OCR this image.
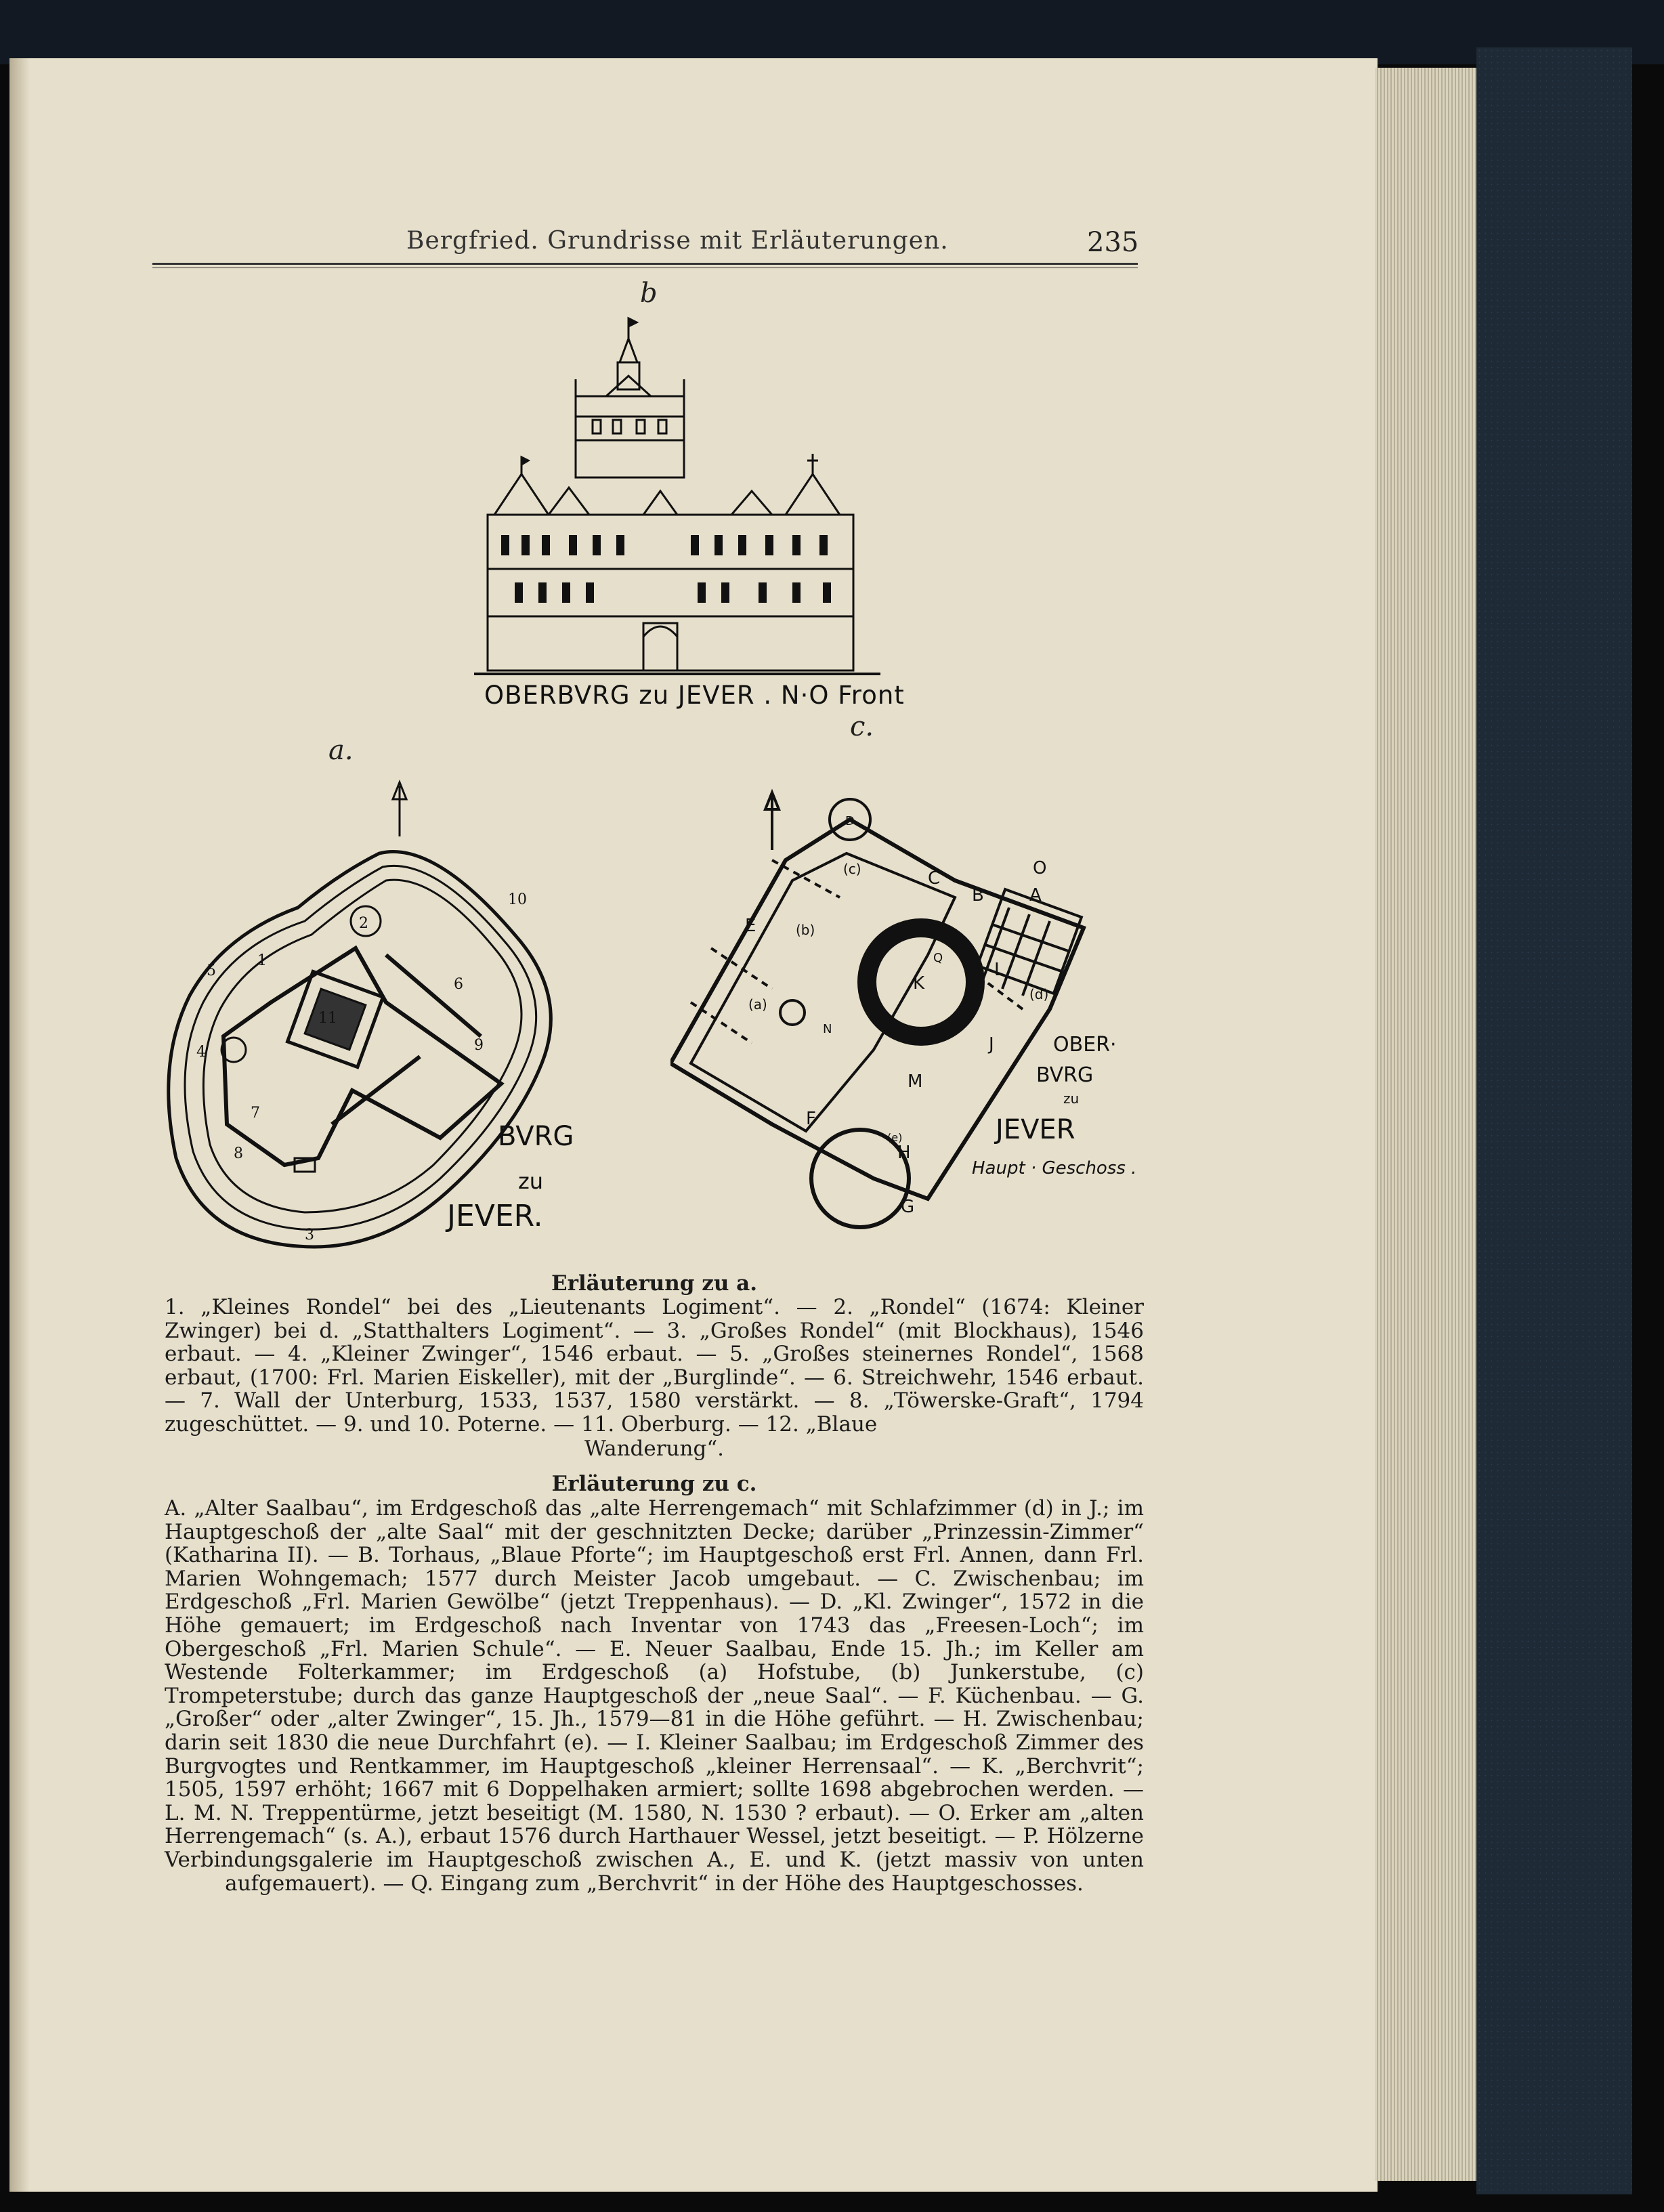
Bergfried. Grundrisse mit Erläuterungen.	235
b
OBERBVRG zu JEVER . N·O Front
a.
c.
1
2
3
4
5
6
7
8
9
10
11
BVRG
zu
JEVER.
A
B
C
D
E
F
G
H
J
K
L
M
N
O
Q
(a)
(b)
(c)
(d)
(e)
OBER·
BVRG
zu
JEVER
Haupt · Geschoss .
Erläuterung zu a.
1. „Kleines Rondel“ bei des „Lieutenants Logiment“. — 2. „Rondel“ (1674: Kleiner Zwinger) bei d. „Statthalters Logiment“. — 3. „Großes Rondel“ (mit Blockhaus), 1546 erbaut. — 4. „Kleiner Zwinger“, 1546 erbaut. — 5. „Großes steinernes Rondel“, 1568 erbaut, (1700: Frl. Marien Eiskeller), mit der „Burglinde“. — 6. Streichwehr, 1546 erbaut. — 7. Wall der Unterburg, 1533, 1537, 1580 verstärkt. — 8. „Töwerske-Graft“, 1794 zugeschüttet. — 9. und 10. Poterne. — 11. Oberburg. — 12. „Blaue
Wanderung“.
Erläuterung zu c.
A. „Alter Saalbau“, im Erdgeschoß das „alte Herrengemach“ mit Schlafzimmer (d) in J.; im Hauptgeschoß der „alte Saal“ mit der geschnitzten Decke; darüber „Prinzessin-Zimmer“ (Katharina II). — B. Torhaus, „Blaue Pforte“; im Hauptgeschoß erst Frl. Annen, dann Frl. Marien Wohngemach; 1577 durch Meister Jacob umgebaut. — C. Zwischenbau; im Erdgeschoß „Frl. Marien Gewölbe“ (jetzt Treppenhaus). — D. „Kl. Zwinger“, 1572 in die Höhe gemauert; im Erdgeschoß nach Inventar von 1743 das „Freesen-Loch“; im Obergeschoß „Frl. Marien Schule“. — E. Neuer Saalbau, Ende 15. Jh.; im Keller am Westende Folterkammer; im Erdgeschoß (a) Hofstube, (b) Junkerstube, (c) Trompeterstube; durch das ganze Hauptgeschoß der „neue Saal“. — F. Küchenbau. — G. „Großer“ oder „alter Zwinger“, 15. Jh., 1579—81 in die Höhe geführt. — H. Zwischenbau; darin seit 1830 die neue Durchfahrt (e). — I. Kleiner Saalbau; im Erdgeschoß Zimmer des Burgvogtes und Rentkammer, im Hauptgeschoß „kleiner Herrensaal“. — K. „Berchvrit“; 1505, 1597 erhöht; 1667 mit 6 Doppelhaken armiert; sollte 1698 abgebrochen werden. — L. M. N. Treppentürme, jetzt beseitigt (M. 1580, N. 1530 ? erbaut). — O. Erker am „alten Herrengemach“ (s. A.), erbaut 1576 durch Harthauer Wessel, jetzt beseitigt. — P. Hölzerne Verbindungsgalerie im Hauptgeschoß zwischen A., E. und K. (jetzt massiv von unten aufgemauert). — Q. Eingang zum „Berchvrit“ in der Höhe des Hauptgeschosses.
